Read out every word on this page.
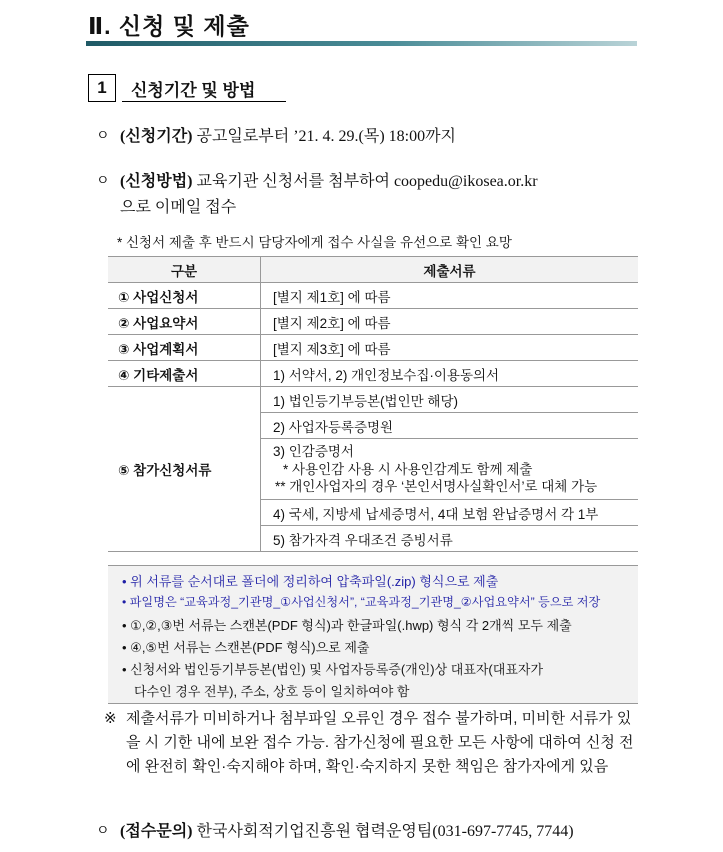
Ⅱ. 신청 및 제출
1	신청기간 및 방법
ㅇ (신청기간) 공고일로부터 ’21. 4. 29.(목) 18:00까지
ㅇ (신청방법) 교육기관 신청서를 첨부하여 coopedu@ikosea.or.kr
으로 이메일 접수
* 신청서 제출 후 반드시 담당자에게 접수 사실을 유선으로 확인 요망
구분	제출서류
① 사업신청서	[별지 제1호] 에 따름
② 사업요약서	[별지 제2호] 에 따름
③ 사업계획서	[별지 제3호] 에 따름
④ 기타제출서	1) 서약서, 2) 개인정보수집·이용동의서
⑤ 참가신청서류	1) 법인등기부등본(법인만 해당)
	2) 사업자등록증명원

	3) 인감증명서
* 사용인감 사용 시 사용인감계도 함께 제출
** 개인사업자의 경우 ‘본인서명사실확인서’로 대체 가능

	4) 국세, 지방세 납세증명서, 4대 보험 완납증명서 각 1부
	5) 참가자격 우대조건 증빙서류
• 위 서류를 순서대로 폴더에 정리하여 압축파일(.zip) 형식으로 제출
• 파일명은 “교육과정_기관명_①사업신청서”, “교육과정_기관명_②사업요약서” 등으로 저장
• ①,②,③번 서류는 스캔본(PDF 형식)과 한글파일(.hwp) 형식 각 2개씩 모두 제출
• ④,⑤번 서류는 스캔본(PDF 형식)으로 제출
• 신청서와 법인등기부등본(법인) 및 사업자등록증(개인)상 대표자(대표자가
다수인 경우 전부), 주소, 상호 등이 일치하여야 함
※ 제출서류가 미비하거나 첨부파일 오류인 경우 접수 불가하며, 미비한 서류가 있을 시 기한 내에 보완 접수 가능. 참가신청에 필요한 모든 사항에 대하여 신청 전에 완전히 확인·숙지해야 하며, 확인·숙지하지 못한 책임은 참가자에게 있음
ㅇ (접수문의) 한국사회적기업진흥원 협력운영팀(031-697-7745, 7744)
